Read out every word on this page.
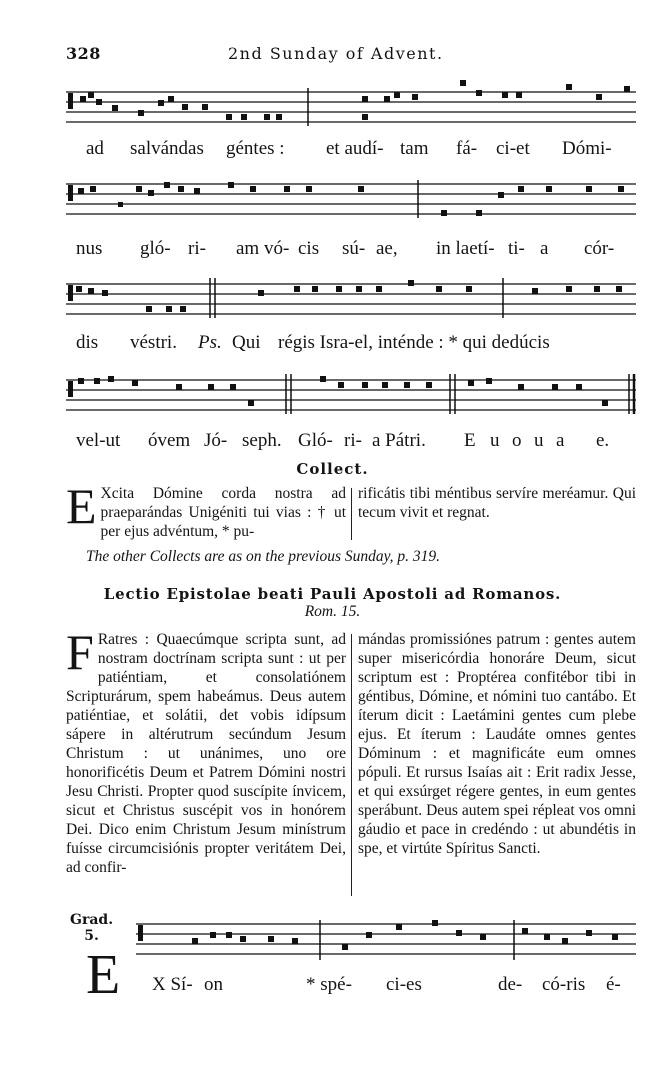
328	2nd Sunday of Advent.
ad salvándas géntes : et audí- tam fá- ci-et Dómi-
nus gló- ri- am vó- cis sú- ae, in laetí- ti- a cór-
dis véstri. Ps. Qui régis Isra-el, inténde : * qui dedúcis
vel-ut óvem Jó- seph. Gló- ri- a Pátri. E u o u a e.
Collect.
E Xcita Dómine corda nostra ad praeparándas Unigéniti tui vias : † ut per ejus advéntum, * pu-
rificátis tibi méntibus servíre meréamur. Qui tecum vivit et regnat.
The other Collects are as on the previous Sunday, p. 319.
Lectio Epistolae beati Pauli Apostoli ad Romanos.
Rom. 15.
F Ratres : Quaecúmque scripta sunt, ad nostram doctrínam scripta sunt : ut per patiéntiam, et consolatiónem Scripturárum, spem habeámus. Deus autem patiéntiae, et solátii, det vobis idípsum sápere in altérutrum secúndum Jesum Christum : ut unánimes, uno ore honorificétis Deum et Patrem Dómini nostri Jesu Christi. Propter quod suscípite ínvicem, sicut et Christus suscépit vos in honórem Dei. Dico enim Christum Jesum minístrum fuísse circumcisiónis propter veritátem Dei, ad confir-
mándas promissiónes patrum : gentes autem super misericórdia honoráre Deum, sicut scriptum est : Proptérea confitébor tibi in géntibus, Dómine, et nómini tuo cantábo. Et íterum dicit : Laetámini gentes cum plebe ejus. Et íterum : Laudáte omnes gentes Dóminum : et magnificáte eum omnes pópuli. Et rursus Isaías ait : Erit radix Jesse, et qui exsúrget régere gentes, in eum gentes sperábunt. Deus autem spei répleat vos omni gáudio et pace in credéndo : ut abundétis in spe, et virtúte Spíritus Sancti.
Grad.
5.
E X Sí- on	* spé- ci-es	de- có-ris é-
